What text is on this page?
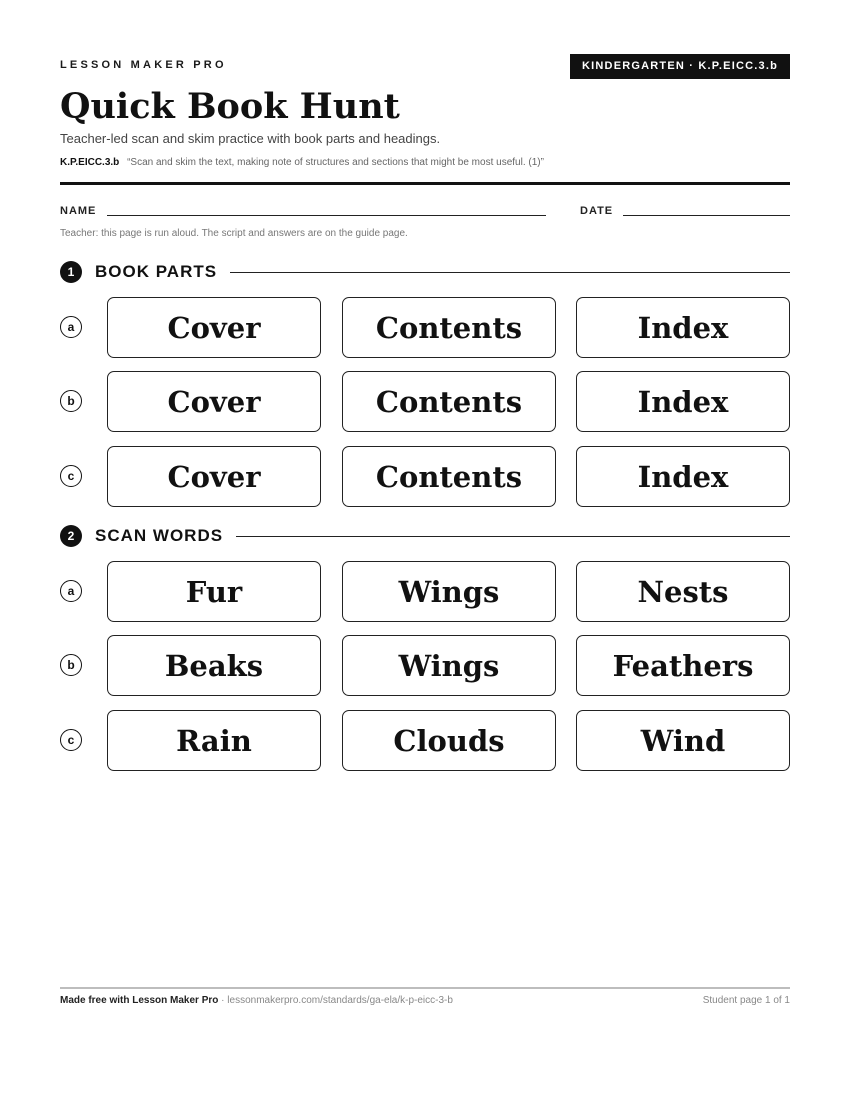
LESSON MAKER PRO	KINDERGARTEN · K.P.EICC.3.b
Quick Book Hunt
Teacher-led scan and skim practice with book parts and headings.
K.P.EICC.3.b “Scan and skim the text, making note of structures and sections that might be most useful. (1)”
NAME	DATE
Teacher: this page is run aloud. The script and answers are on the guide page.
1	BOOK PARTS
a	Cover	Contents	Index
b	Cover	Contents	Index
c	Cover	Contents	Index
2	SCAN WORDS
a	Fur	Wings	Nests
b	Beaks	Wings	Feathers
c	Rain	Clouds	Wind
Made free with Lesson Maker Pro · lessonmakerpro.com/standards/ga-ela/k-p-eicc-3-b	Student page 1 of 1
